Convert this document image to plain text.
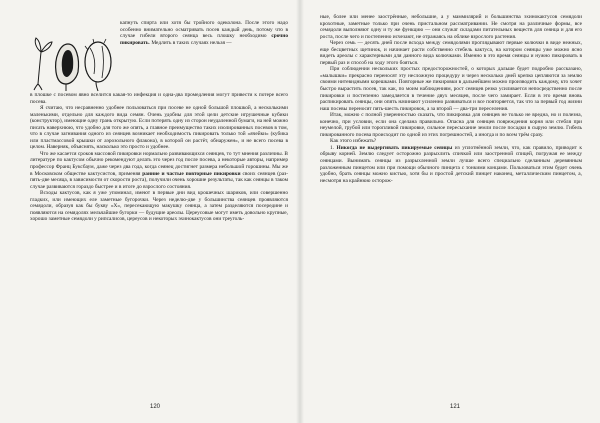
капнуть спирта или хотя бы тройного одеколона. После этого надо особенно внимательно осматривать посев каждый день, потому что в случае гибели второго сеянца весь плошку необходимо срочно пикировать. Медлить в таких случаях нельзя —

в плошке с посевом явно вселится какая-то инфекция и одна-два промедления могут привести к потере всего посева.

Я считаю, что несравненно удобнее пользоваться при посеве не одной большой плошкой, а несколькими маленькими, отдельно для каждого вида семян. Очень удобны для этой цели детские игрушечные кубики (конструктор), имеющие одну грань открытую. Если потерять одну из сторон неудаленной бумаги, на ней можно писать наверхнюю, что удобно для того же опять, а главное преимущество таких изолированных посевов в том, что в случае загнивания одного из сеянцев возникает необходимость пикировать только той «ячейки» (кубика или пластмассовой крышки от аэрозольного флакона), в которой он растёт, обнаружен», и не всего посева в целом. Наверняк, объяснять, насколько это просто и удобнее.

Что же касается сроков массовой пикировки нормально развивающихся сеянцев, то тут мнения различны. В литературе по кактусом обычно рекомендуют делать это через год после посева, а некоторые авторы, например профессор Франц Буксбаум, даже через два года, когда сеянец достигнет размера небольшой горошины. Мы же в Московском обществе кактусистов, применяя ранние и частые повторные пикировки своих сеянцев (раз-пять-две месяца, в зависимости от скорости роста), получили очень хорошие результаты, так как сеянцы в таком случае развиваются гораздо быстрее и в итоге до взрослого состояния.

Всходы кактусов, как я уже упоминал, имеют в первые дни вид крошечных шариков, или совершенно гладких, или имеющих еле заметные бугорочки. Через неделю-две у большинства сеянцев проявляются семядоли, образуя как бы букву «Х», пересекающую макушку сеянца, а затем разделяются посередине и появляются на семядолях мельчайшие бугорки — будущие ареолы. Цереусовые могут иметь довольно крупные, хорошо заметные семядоли у рипсалисов, цереусов и некоторых эхинокактусов они треуголь-

120

ные, более или менее заострённые, небольшие, а у маммилярий и большинства эхинокактусов семядоли крохотные, заметные только при очень пристальном рассматривании. Не смотря на различные формы, все семядоли выполняют одну и ту же функцию — они служат складами питательных веществ для сеянца и для его роста, после чего и постепенно исчезают, не отражаясь на облике взрослого растения.

Через семь — десять дней после всхода между семядолями проглядывают первые колючки в виде нежных, еще бесцветных щетинок, и начинает расти собственно стебель кактуса, на котором сеянцы уже можно ясно видеть ареолы с характерными для данного вида колючками. Именно в это время сеянцы и нужно пикировать в первый раз и способ на ходу этого бояться.

При соблюдении нескольких простых предосторожностей, о которых дальше будет подробно рассказано, «малышки» прекрасно переносят эту несложную процедуру и через несколько дней крепко цепляются за землю своими нитевидными корешками. Повторные же пикировки в дальнейшем можно производить каждому, кто хочет быстро вырастить посев, так как, по моим наблюдениям, рост сеянцев резко усиливается непосредственно после пикировки и постепенно замедляется в течение двух месяцев, после чего замирает. Если в это время вновь распикировать сеянцы, они опять начинают усиленно развиваться и все повторяется, так что за первый год жизни наш посевы переносят пять-шесть пикировок, а за второй — два-три переселения.

Итак, можно с полной уверенностью сказать, что пикировка для сеянцев не только не вредна, но и полезна, конечно, при условии, если она сделана правильно. Опасна для сеянцев повреждения корня или стебля при неумелой, грубой или торопливой пикировке, сильное пересыхание земли после посадки в сырую землю. Гибель пикированного посева происходит по одной из этих погрешностей, а иногда и по всем трём сразу.

Как этого избежать?

1. Никогда не выдергивать пикируемые сеянцы из уплотнённой земли, что, как правило, приводит к обрыву корней. Землю следует осторожно разрыхлить спичкой или заостренной спицей, погружая ее между сеянцами. Вынимать сеянцы из разрыхленной земли лучше всего специально сделанным деревянным разложенным пинцетом или при помощи обычного пинцета с тонкими концами. Пользоваться этим будет очень удобно, брать сеянцы можно кистью, хотя бы и простой детский пинцет наконец, металлическим пинцетом, а, несмотря на крайнюю осторож-

121
